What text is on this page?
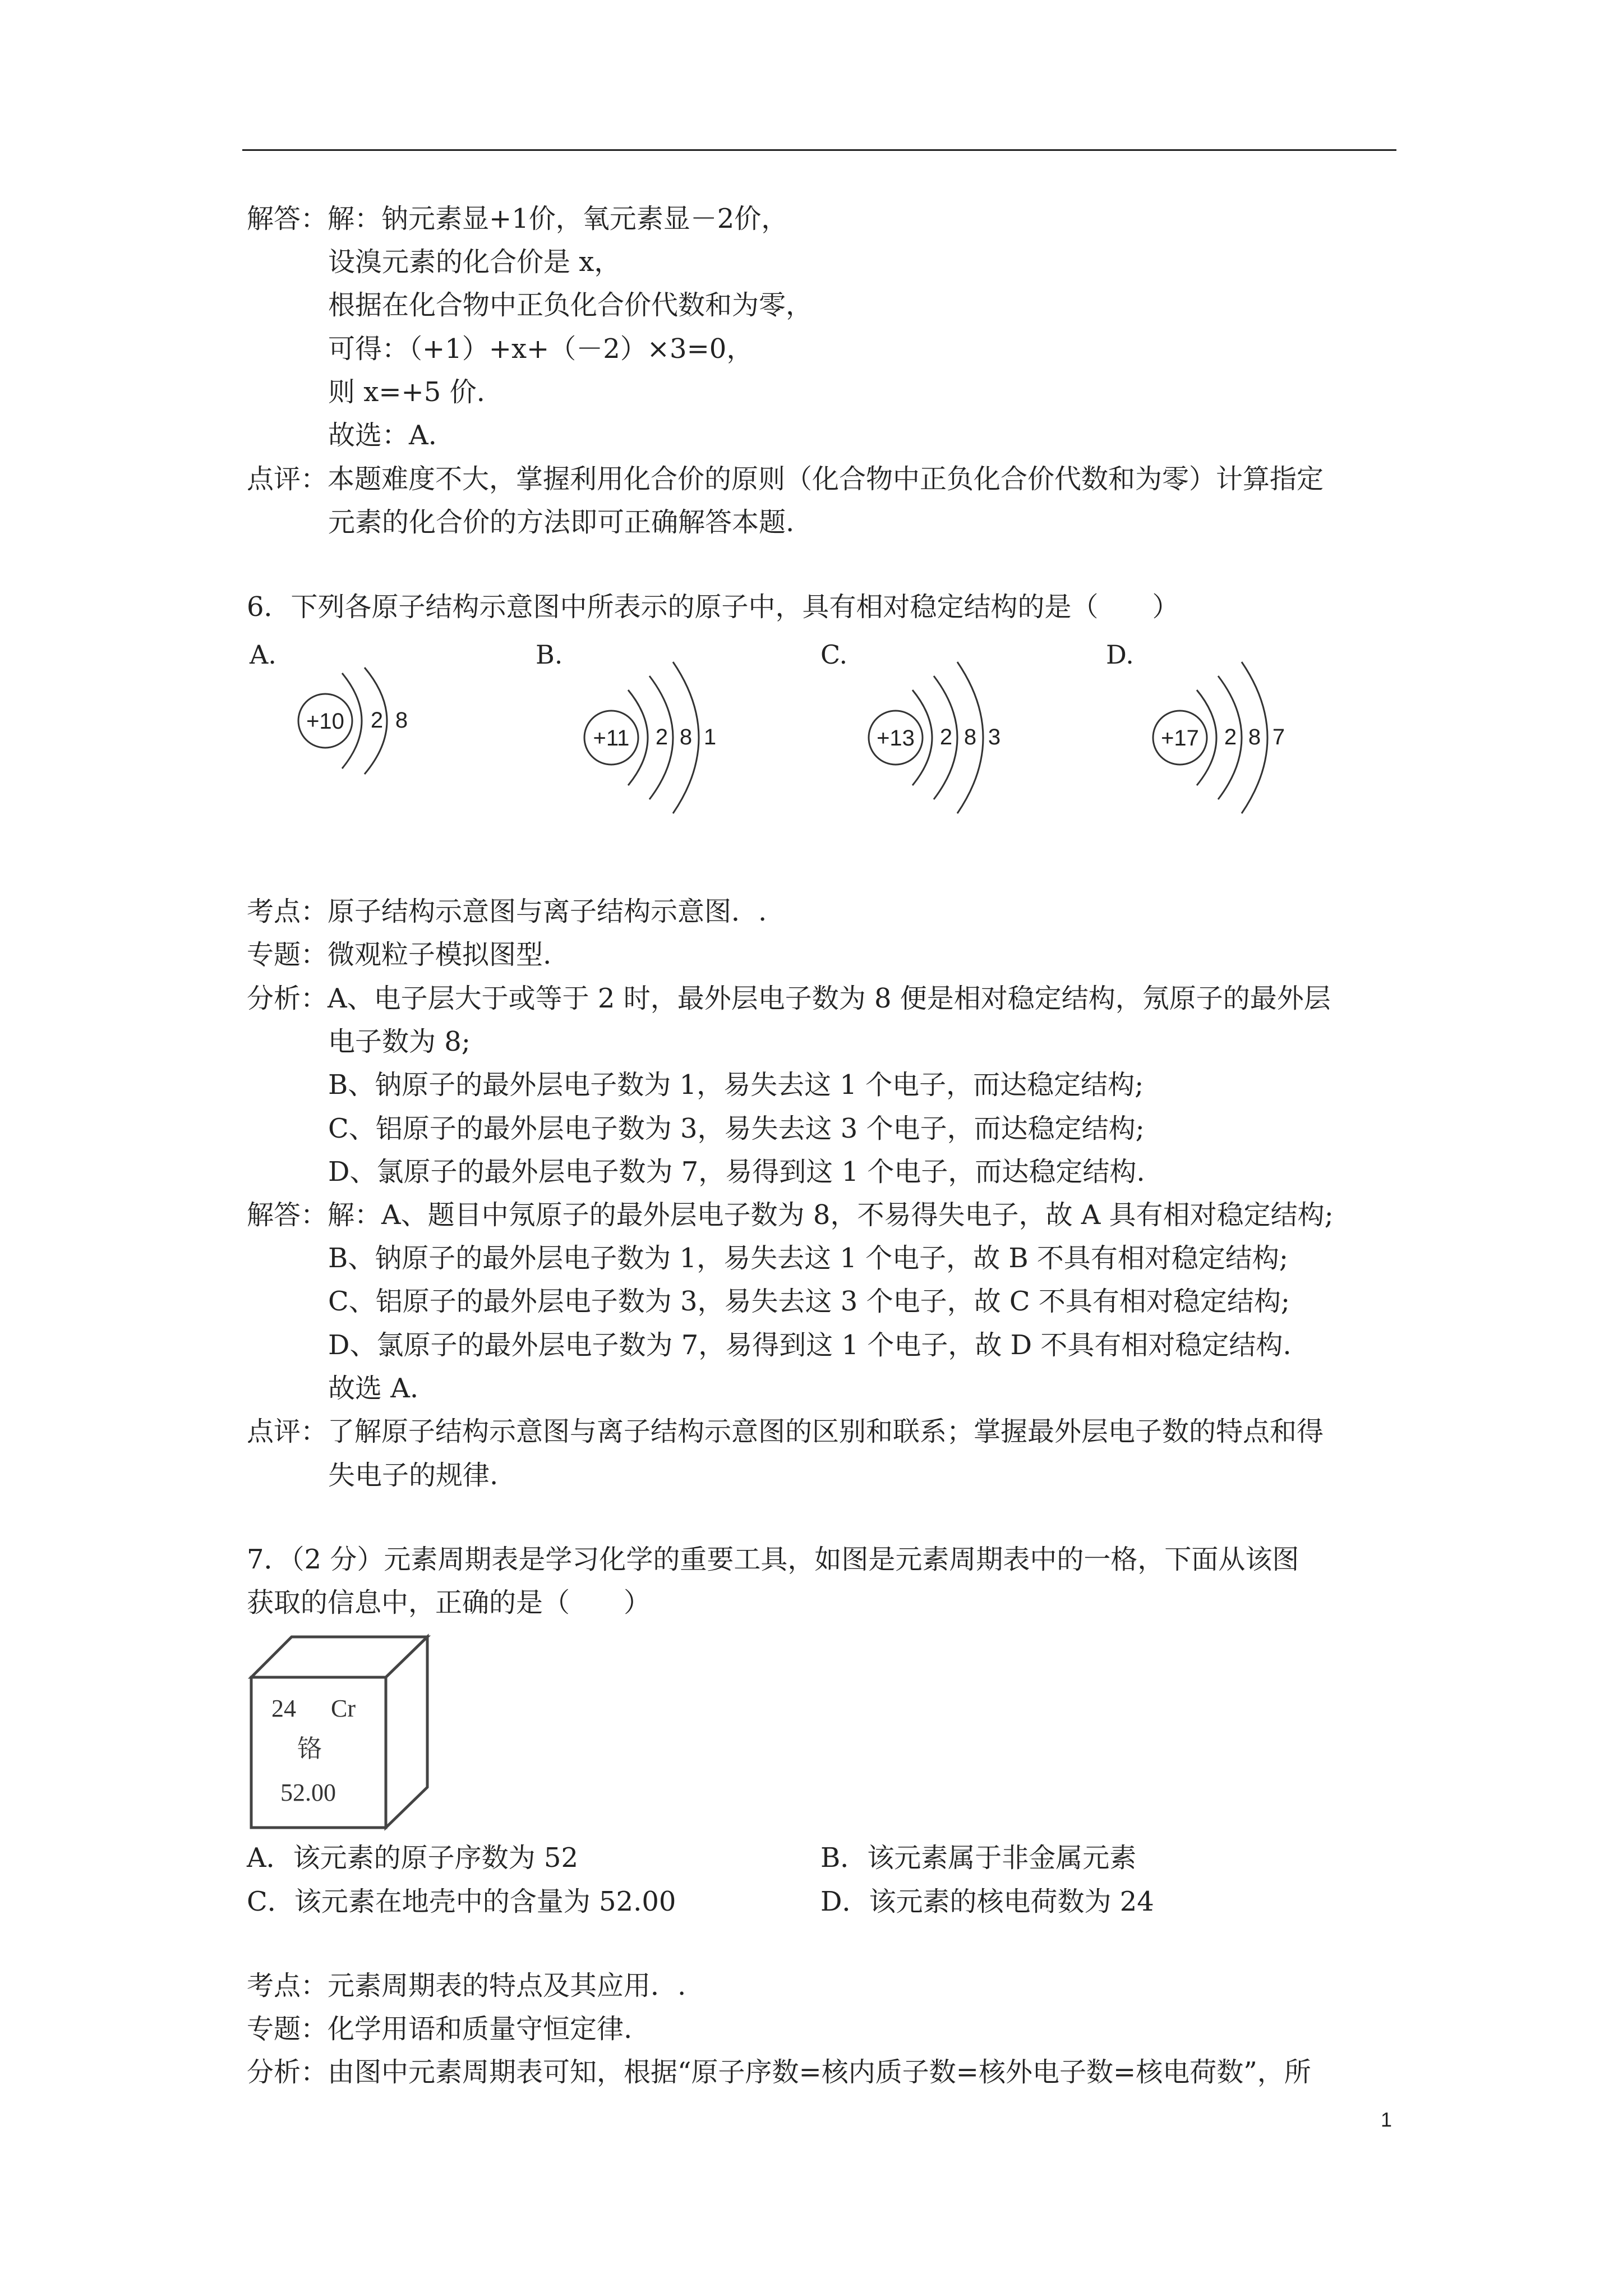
解答：解：钠元素显+1价，氧元素显－2价，
设溴元素的化合价是 x，
根据在化合物中正负化合价代数和为零，
可得：（+1）+x+（－2）×3=0，
则 x=+5 价.
故选：A.
点评：本题难度不大，掌握利用化合价的原则（化合物中正负化合价代数和为零）计算指定
元素的化合价的方法即可正确解答本题.
6．下列各原子结构示意图中所表示的原子中，具有相对稳定结构的是（　　）
A.	B.	C.	D.
+10 2 8
+11 2 8 1	+13 2 8 3	+17 2 8 7
考点：原子结构示意图与离子结构示意图．.
专题：微观粒子模拟图型.
分析：A、电子层大于或等于 2 时，最外层电子数为 8 便是相对稳定结构，氖原子的最外层
电子数为 8;
B、钠原子的最外层电子数为 1，易失去这 1 个电子，而达稳定结构;
C、铝原子的最外层电子数为 3，易失去这 3 个电子，而达稳定结构;
D、氯原子的最外层电子数为 7，易得到这 1 个电子，而达稳定结构.
解答：解：A、题目中氖原子的最外层电子数为 8，不易得失电子，故 A 具有相对稳定结构;
B、钠原子的最外层电子数为 1，易失去这 1 个电子，故 B 不具有相对稳定结构;
C、铝原子的最外层电子数为 3，易失去这 3 个电子，故 C 不具有相对稳定结构;
D、氯原子的最外层电子数为 7，易得到这 1 个电子，故 D 不具有相对稳定结构.
故选 A.
点评：了解原子结构示意图与离子结构示意图的区别和联系；掌握最外层电子数的特点和得
失电子的规律.
7．（2 分）元素周期表是学习化学的重要工具，如图是元素周期表中的一格，下面从该图
获取的信息中，正确的是（　　）
24 Cr
铬
52.00
A．该元素的原子序数为 52	B．该元素属于非金属元素
C．该元素在地壳中的含量为 52.00	D．该元素的核电荷数为 24
考点：元素周期表的特点及其应用．.
专题：化学用语和质量守恒定律.
分析：由图中元素周期表可知，根据“原子序数=核内质子数=核外电子数=核电荷数”，所
1
